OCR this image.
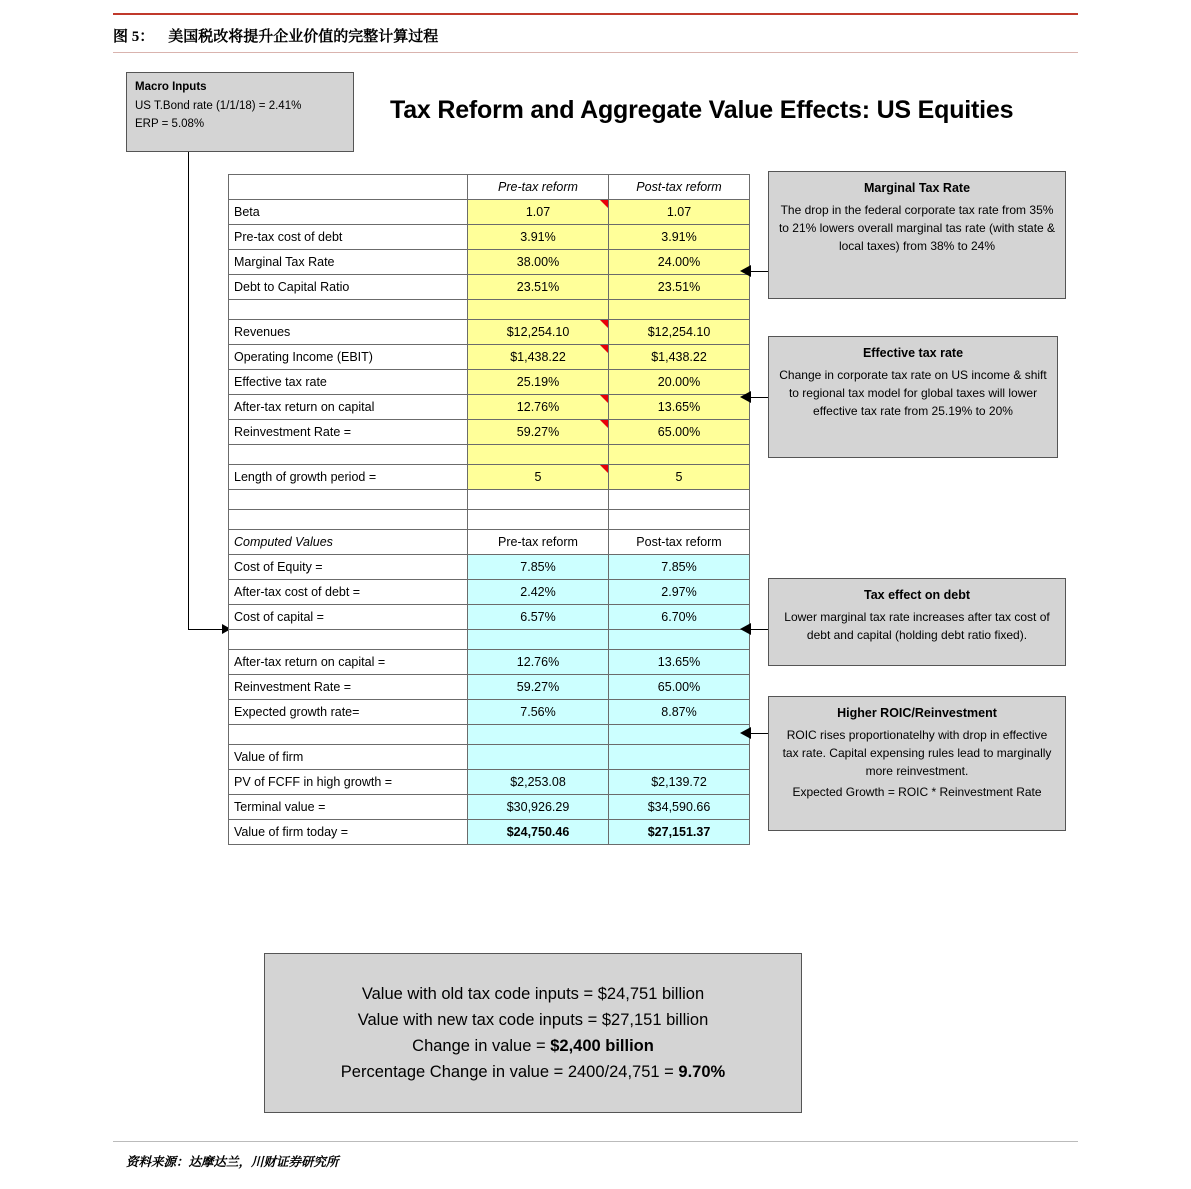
图 5： 美国税改将提升企业价值的完整计算过程
Macro Inputs
US T.Bond rate (1/1/18) = 2.41%
ERP = 5.08%	Tax Reform and Aggregate Value Effects: US Equities
	Pre-tax reform	Post-tax reform
Beta	1.07	1.07
Pre-tax cost of debt	3.91%	3.91%
Marginal Tax Rate	38.00%	24.00%
Debt to Capital Ratio	23.51%	23.51%

Revenues	$12,254.10	$12,254.10
Operating Income (EBIT)	$1,438.22	$1,438.22
Effective tax rate	25.19%	20.00%
After-tax return on capital	12.76%	13.65%
Reinvestment Rate =	59.27%	65.00%

Length of growth period =	5	5

Computed Values	Pre-tax reform	Post-tax reform
Cost of Equity =	7.85%	7.85%
After-tax cost of debt =	2.42%	2.97%
Cost of capital =	6.57%	6.70%

After-tax return on capital =	12.76%	13.65%
Reinvestment Rate =	59.27%	65.00%
Expected growth rate=	7.56%	8.87%

Value of firm		
PV of FCFF in high growth =	$2,253.08	$2,139.72
Terminal value =	$30,926.29	$34,590.66
Value of firm today =	$24,750.46	$27,151.37
Marginal Tax Rate
The drop in the federal corporate tax rate from 35% to 21% lowers overall marginal tas rate (with state & local taxes) from 38% to 24%
Effective tax rate
Change in corporate tax rate on US income & shift to regional tax model for global taxes will lower effective tax rate from 25.19% to 20%
Tax effect on debt
Lower marginal tax rate increases after tax cost of debt and capital (holding debt ratio fixed).
Higher ROIC/Reinvestment
ROIC rises proportionatelhy with drop in effective tax rate. Capital expensing rules lead to marginally more reinvestment.
Expected Growth = ROIC * Reinvestment Rate
Value with old tax code inputs = $24,751 billion
Value with new tax code inputs = $27,151 billion
Change in value = $2,400 billion
Percentage Change in value = 2400/24,751 = 9.70%
资料来源：达摩达兰，川财证券研究所
